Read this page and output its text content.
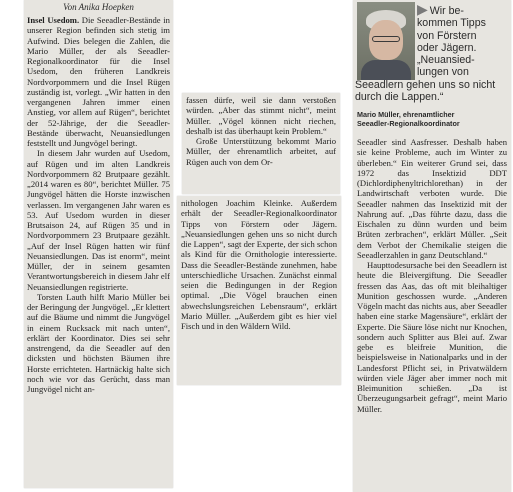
Von Anika Hoepken

Insel Usedom. Die Seeadler-Bestände in unserer Region befinden sich stetig im Aufwind. Dies belegen die Zahlen, die Mario Müller, der als Seeadler-Regionalkoordinator für die Insel Usedom, den früheren Landkreis Nordvorpommern und die Insel Rügen zuständig ist, vorlegt. „Wir hatten in den vergangenen Jahren immer einen Anstieg, vor allem auf Rügen“, berichtet der 52-Jährige, der die Seeadler-Bestände überwacht, Neuansiedlungen feststellt und Jungvögel beringt.

In diesem Jahr wurden auf Usedom, auf Rügen und im alten Landkreis Nordvorpommern 82 Brutpaare gezählt. „2014 waren es 80“, berichtet Müller. 75 Jungvögel hätten die Horste inzwischen verlassen. Im vergangenen Jahr waren es 53. Auf Usedom wurden in dieser Brutsaison 24, auf Rügen 35 und in Nordvorpommern 23 Brutpaare gezählt. „Auf der Insel Rügen hatten wir fünf Neuansiedlungen. Das ist enorm“, meint Müller, der in seinem gesamten Verantwortungsbereich in diesem Jahr elf Neuansiedlungen registrierte.

Torsten Lauth hilft Mario Müller bei der Beringung der Jungvögel. „Er klettert auf die Bäume und nimmt die Jungvögel in einem Rucksack mit nach unten“, erklärt der Koordinator. Dies sei sehr anstrengend, da die Seeadler auf den dicksten und höchsten Bäumen ihre Horste errichteten. Hartnäckig halte sich noch wie vor das Gerücht, dass man Jungvögel nicht an-

fassen dürfe, weil sie dann verstoßen würden. „Aber das stimmt nicht“, meint Müller. „Vögel können nicht riechen, deshalb ist das überhaupt kein Problem.“

Große Unterstützung bekommt Mario Müller, der ehrenamtlich arbeitet, auf Rügen auch von dem Or-

nithologen Joachim Kleinke. Außerdem erhält der Seeadler-Regionalkoordinator Tipps von Förstern oder Jägern. „Neuansiedlungen gehen uns so nicht durch die Lappen“, sagt der Experte, der sich schon als Kind für die Ornithologie interessierte. Dass die Seeadler-Bestände zunehmen, habe unterschiedliche Ursachen. Zunächst einmal seien die Bedingungen in der Region optimal. „Die Vögel brauchen einen abwechslungsreichen Lebensraum“, erklärt Mario Müller. „Außerdem gibt es hier viel Fisch und in den Wäldern Wild.

▶ Wir be-
kommen Tipps
von Förstern
oder Jägern.
„Neuansied-
lungen von
Seeadlern gehen uns so nicht
durch die Lappen.“
Mario Müller, ehrenamtlicher
Seeadler-Regionalkoordinator

Seeadler sind Aasfresser. Deshalb haben sie keine Probleme, auch im Winter zu überleben.“ Ein weiterer Grund sei, dass 1972 das Insektizid DDT (Dichlordiphenyltrichlorethan) in der Landwirtschaft verboten wurde. Die Seeadler nahmen das Insektizid mit der Nahrung auf. „Das führte dazu, dass die Eischalen zu dünn wurden und beim Brüten zerbrachen“, erklärt Müller. „Seit dem Verbot der Chemikalie steigen die Seeadlerzahlen in ganz Deutschland.“

Haupttodesursache bei den Seeadlern ist heute die Bleivergiftung. Die Seeadler fressen das Aas, das oft mit bleihaltiger Munition geschossen wurde. „Anderen Vögeln macht das nichts aus, aber Seeadler haben eine starke Magensäure“, erklärt der Experte. Die Säure löse nicht nur Knochen, sondern auch Splitter aus Blei auf. Zwar gebe es bleifreie Munition, die beispielsweise in Nationalparks und in der Landesforst Pflicht sei, in Privatwäldern würden viele Jäger aber immer noch mit Bleimunition schießen. „Da ist Überzeugungsarbeit gefragt“, meint Mario Müller.
